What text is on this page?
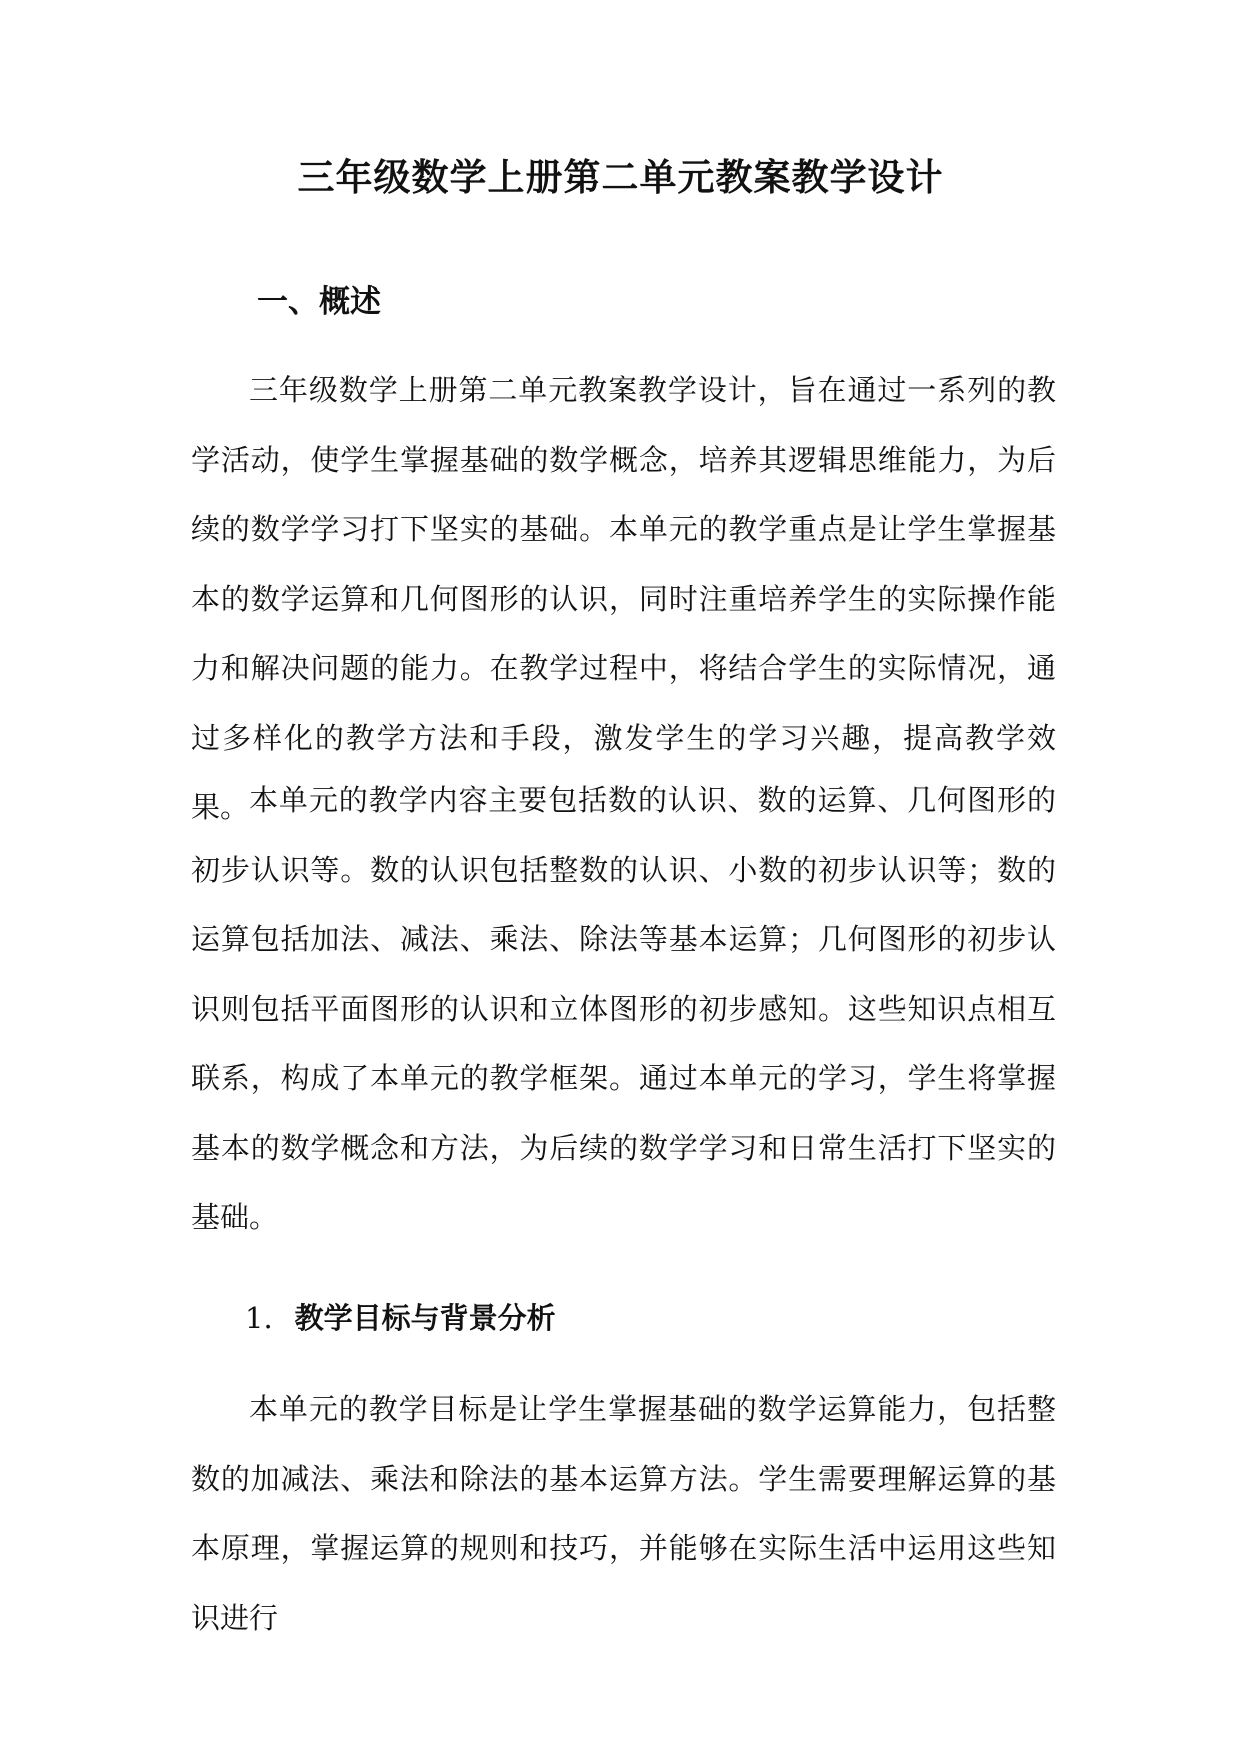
三年级数学上册第二单元教案教学设计
一、概述

三年级数学上册第二单元教案教学设计，旨在通过一系列的教学活动，使学生掌握基础的数学概念，培养其逻辑思维能力，为后续的数学学习打下坚实的基础。本单元的教学重点是让学生掌握基本的数学运算和几何图形的认识，同时注重培养学生的实际操作能力和解决问题的能力。在教学过程中，将结合学生的实际情况，通过多样化的教学方法和手段，激发学生的学习兴趣，提高教学效果。 本单元的教学内容主要包括数的认识、数的运算、几何图形的初步认识等。数的认识包括整数的认识、小数的初步认识等；数的运算包括加法、减法、乘法、除法等基本运算；几何图形的初步认识则包括平面图形的认识和立体图形的初步感知。这些知识点相互联系，构成了本单元的教学框架。通过本单元的学习，学生将掌握基本的数学概念和方法，为后续的数学学习和日常生活打下坚实的基础。

1. 教学目标与背景分析

本单元的教学目标是让学生掌握基础的数学运算能力，包括整数的加减法、乘法和除法的基本运算方法。学生需要理解运算的基本原理，掌握运算的规则和技巧，并能够在实际生活中运用这些知识进行
